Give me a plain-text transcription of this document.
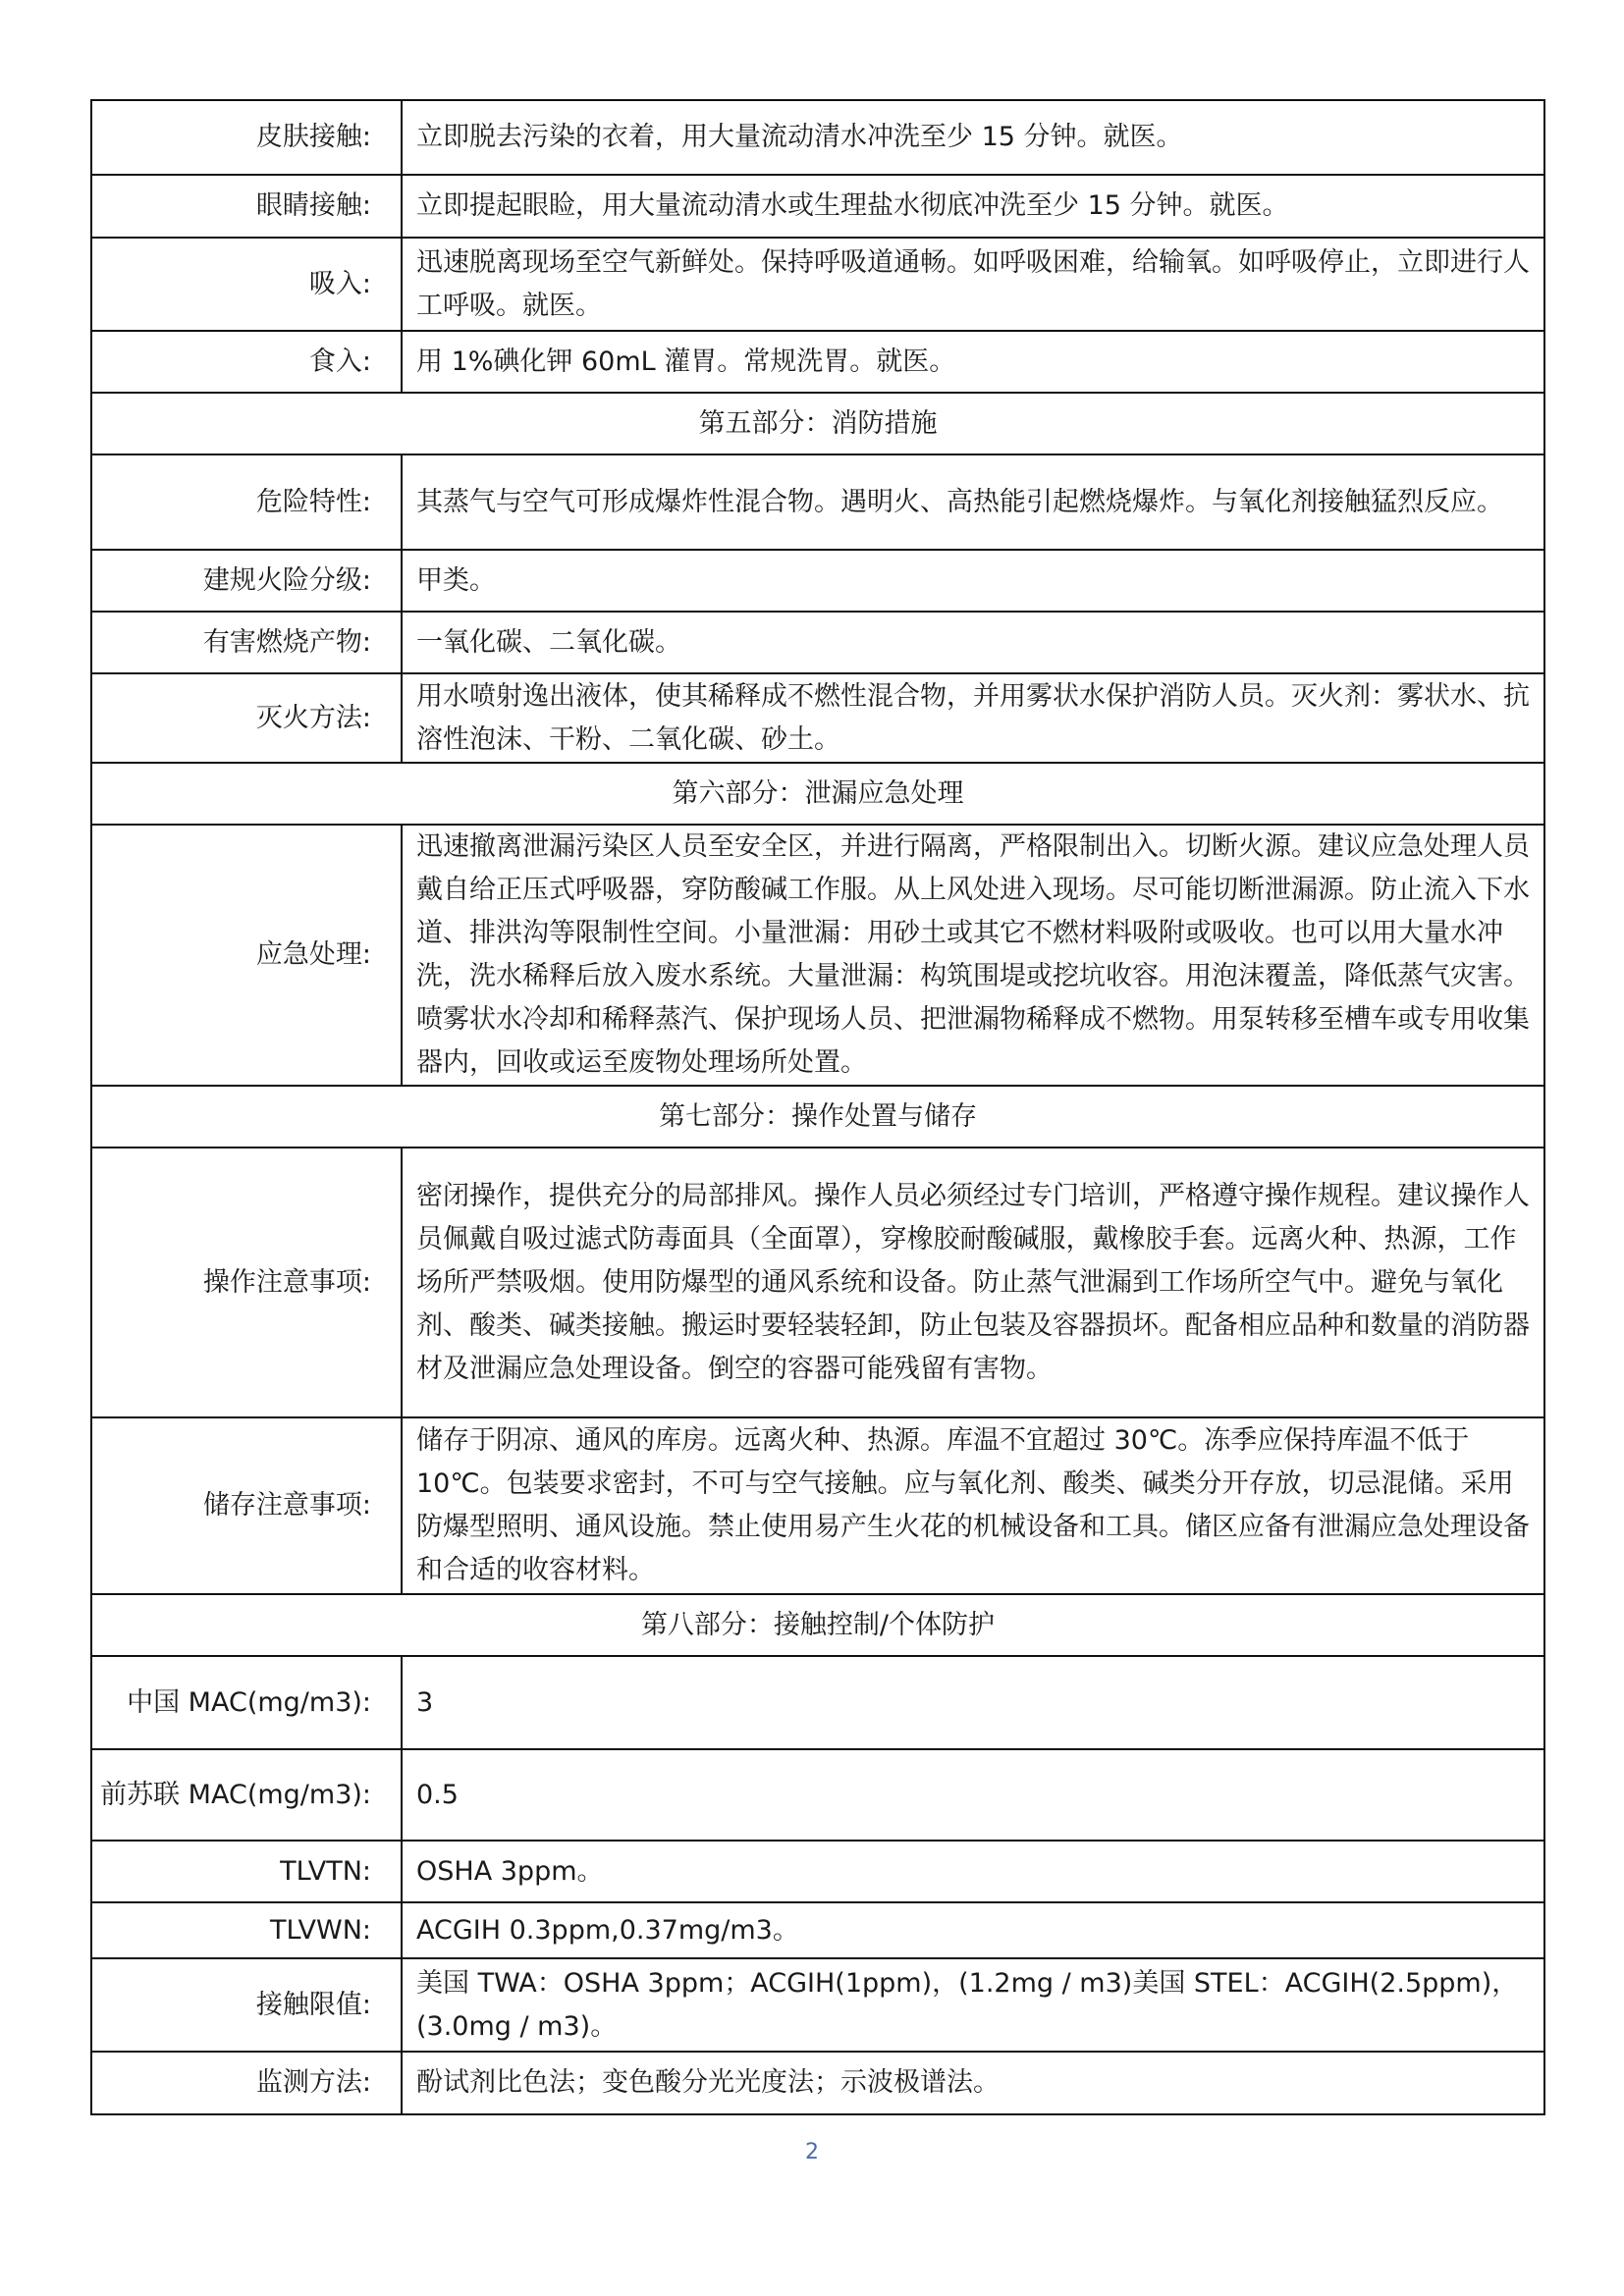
皮肤接触:	立即脱去污染的衣着，用大量流动清水冲洗至少 15 分钟。就医。
眼睛接触:	立即提起眼睑，用大量流动清水或生理盐水彻底冲洗至少 15 分钟。就医。
吸入:	迅速脱离现场至空气新鲜处。保持呼吸道通畅。如呼吸困难，给输氧。如呼吸停止，立即进行人工呼吸。就医。
食入:	用 1%碘化钾 60mL 灌胃。常规洗胃。就医。
第五部分：消防措施	
危险特性:	其蒸气与空气可形成爆炸性混合物。遇明火、高热能引起燃烧爆炸。与氧化剂接触猛烈反应。
建规火险分级:	甲类。
有害燃烧产物:	一氧化碳、二氧化碳。
灭火方法:	用水喷射逸出液体，使其稀释成不燃性混合物，并用雾状水保护消防人员。灭火剂：雾状水、抗溶性泡沫、干粉、二氧化碳、砂土。
第六部分：泄漏应急处理	
应急处理:	迅速撤离泄漏污染区人员至安全区，并进行隔离，严格限制出入。切断火源。建议应急处理人员戴自给正压式呼吸器，穿防酸碱工作服。从上风处进入现场。尽可能切断泄漏源。防止流入下水道、排洪沟等限制性空间。小量泄漏：用砂土或其它不燃材料吸附或吸收。也可以用大量水冲洗，洗水稀释后放入废水系统。大量泄漏：构筑围堤或挖坑收容。用泡沫覆盖，降低蒸气灾害。喷雾状水冷却和稀释蒸汽、保护现场人员、把泄漏物稀释成不燃物。用泵转移至槽车或专用收集器内，回收或运至废物处理场所处置。
第七部分：操作处置与储存	
操作注意事项:	密闭操作，提供充分的局部排风。操作人员必须经过专门培训，严格遵守操作规程。建议操作人员佩戴自吸过滤式防毒面具（全面罩），穿橡胶耐酸碱服，戴橡胶手套。远离火种、热源，工作场所严禁吸烟。使用防爆型的通风系统和设备。防止蒸气泄漏到工作场所空气中。避免与氧化剂、酸类、碱类接触。搬运时要轻装轻卸，防止包装及容器损坏。配备相应品种和数量的消防器材及泄漏应急处理设备。倒空的容器可能残留有害物。
储存注意事项:	储存于阴凉、通风的库房。远离火种、热源。库温不宜超过 30℃。冻季应保持库温不低于 10℃。包装要求密封，不可与空气接触。应与氧化剂、酸类、碱类分开存放，切忌混储。采用防爆型照明、通风设施。禁止使用易产生火花的机械设备和工具。储区应备有泄漏应急处理设备和合适的收容材料。
第八部分：接触控制/个体防护	
中国 MAC(mg/m3):	3
前苏联 MAC(mg/m3):	0.5
TLVTN:	OSHA 3ppm。
TLVWN:	ACGIH 0.3ppm,0.37mg/m3。
接触限值:	美国 TWA：OSHA 3ppm；ACGIH(1ppm)，(1.2mg / m3)美国 STEL：ACGIH(2.5ppm)，(3.0mg / m3)。
监测方法:	酚试剂比色法；变色酸分光光度法；示波极谱法。
2
